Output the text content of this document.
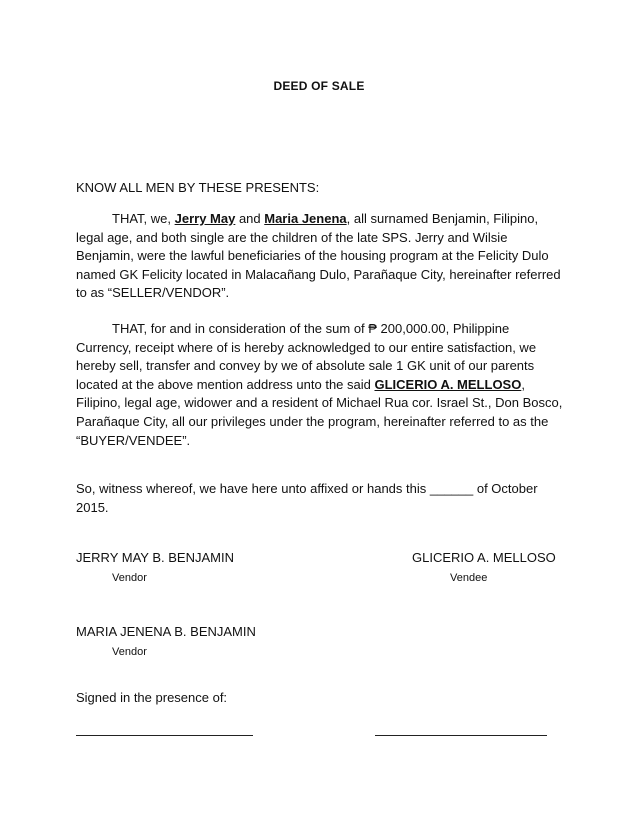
DEED OF SALE
KNOW ALL MEN BY THESE PRESENTS:

THAT, we, Jerry May and Maria Jenena, all surnamed Benjamin, Filipino, legal age, and both single are the children of the late SPS. Jerry and Wilsie Benjamin, were the lawful beneficiaries of the housing program at the Felicity Dulo named GK Felicity located in Malacañang Dulo, Parañaque City, hereinafter referred to as “SELLER/VENDOR”.

THAT, for and in consideration of the sum of ₱ 200,000.00, Philippine Currency, receipt where of is hereby acknowledged to our entire satisfaction, we hereby sell, transfer and convey by we of absolute sale 1 GK unit of our parents located at the above mention address unto the said GLICERIO A. MELLOSO, Filipino, legal age, widower and a resident of Michael Rua cor. Israel St., Don Bosco, Parañaque City, all our privileges under the program, hereinafter referred to as the “BUYER/VENDEE”.

So, witness whereof, we have here unto affixed or hands this ______ of October 2015.

JERRY MAY B. BENJAMIN
Vendor
GLICERIO A. MELLOSO
Vendee
MARIA JENENA B. BENJAMIN
Vendor
Signed in the presence of:
